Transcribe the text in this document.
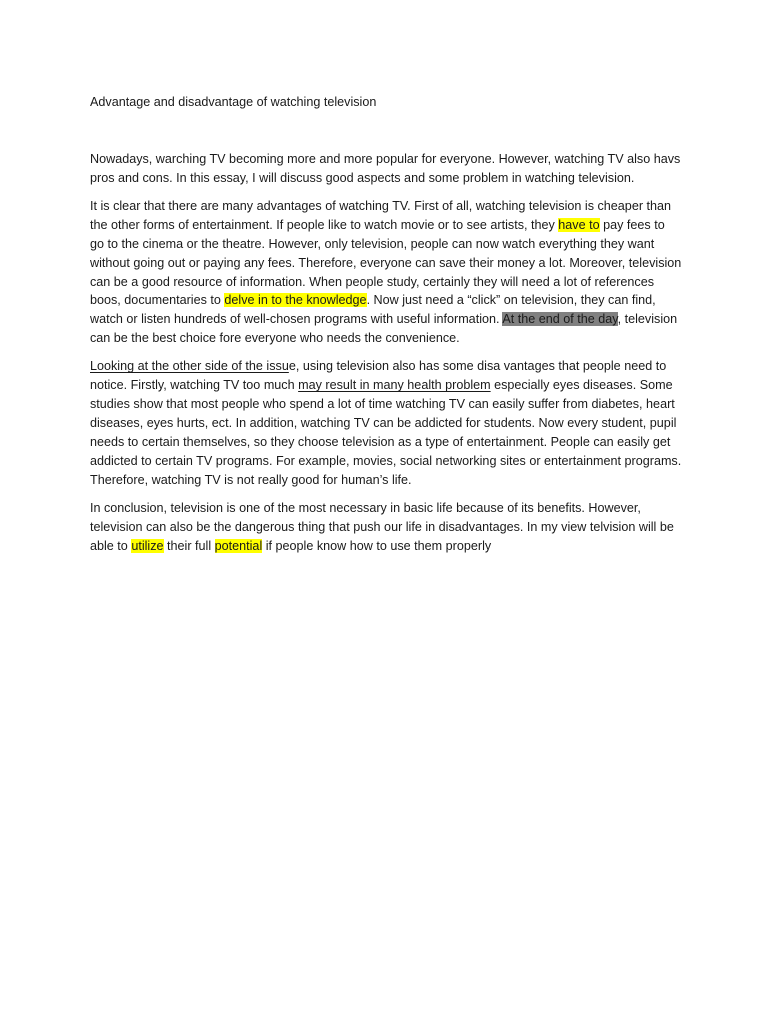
Advantage and disadvantage of watching television

Nowadays, warching TV becoming more and more popular for everyone. However, watching TV also havs pros and cons. In this essay, I will discuss good aspects and some problem in watching television.

It is clear that there are many advantages of watching TV. First of all, watching television is cheaper than the other forms of entertainment. If people like to watch movie or to see artists, they have to pay fees to go to the cinema or the theatre. However, only television, people can now watch everything they want without going out or paying any fees. Therefore, everyone can save their money a lot. Moreover, television can be a good resource of information. When people study, certainly they will need a lot of references boos, documentaries to delve in to the knowledge. Now just need a “click” on television, they can find, watch or listen hundreds of well-chosen programs with useful information. At the end of the day, television can be the best choice fore everyone who needs the convenience.

Looking at the other side of the issue, using television also has some disa vantages that people need to notice. Firstly, watching TV too much may result in many health problem especially eyes diseases. Some studies show that most people who spend a lot of time watching TV can easily suffer from diabetes, heart diseases, eyes hurts, ect. In addition, watching TV can be addicted for students. Now every student, pupil needs to certain themselves, so they choose television as a type of entertainment. People can easily get addicted to certain TV programs. For example, movies, social networking sites or entertainment programs. Therefore, watching TV is not really good for human’s life.

In conclusion, television is one of the most necessary in basic life because of its benefits. However, television can also be the dangerous thing that push our life in disadvantages. In my view telvision will be able to utilize their full potential if people know how to use them properly
